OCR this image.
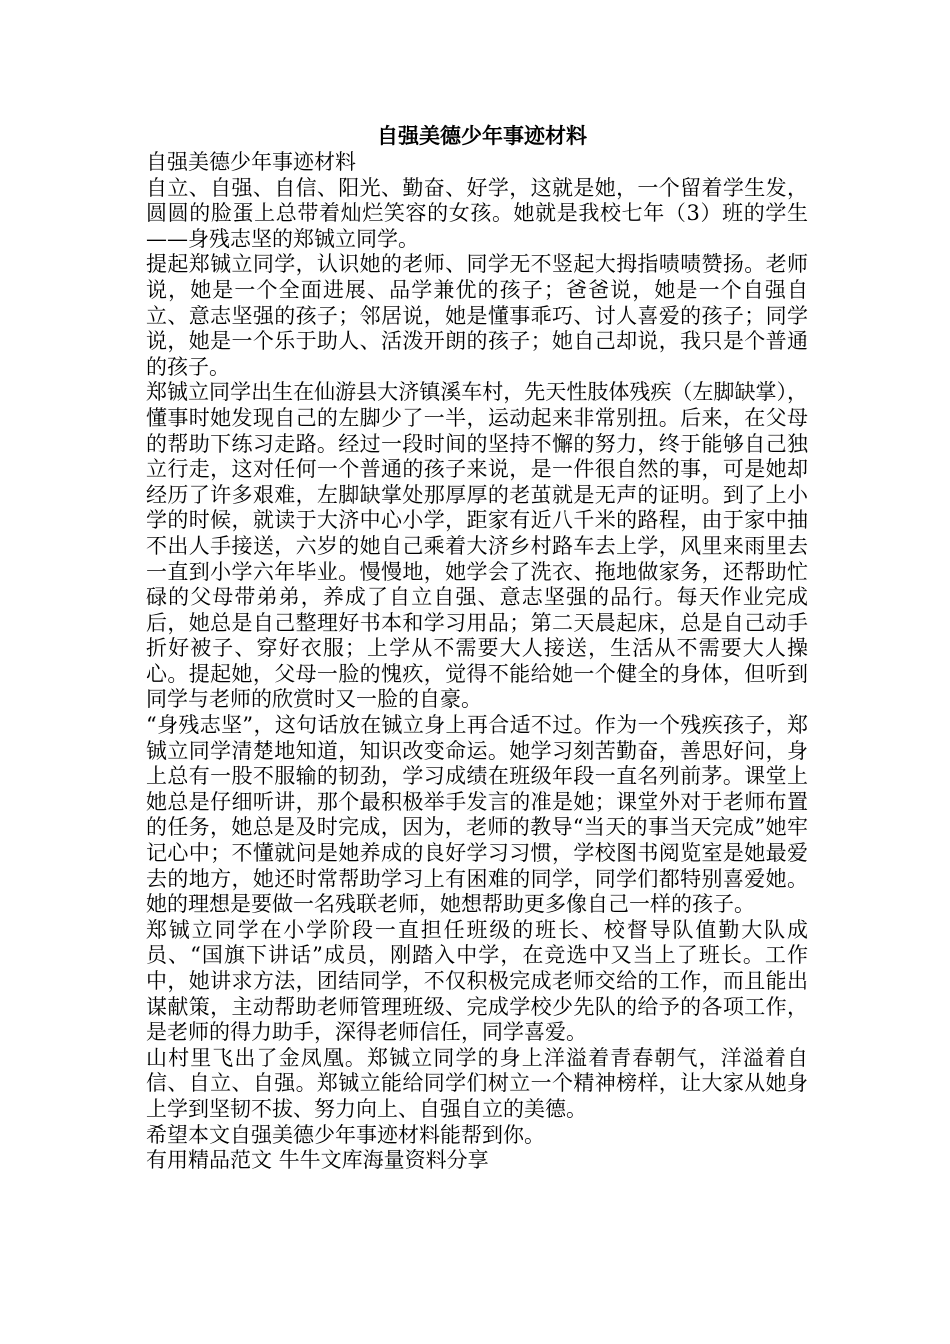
自强美德少年事迹材料

自强美德少年事迹材料

自立、自强、自信、阳光、勤奋、好学，这就是她，一个留着学生发，圆圆的脸蛋上总带着灿烂笑容的女孩。她就是我校七年（3）班的学生——身残志坚的郑铖立同学。

提起郑铖立同学，认识她的老师、同学无不竖起大拇指啧啧赞扬。老师说，她是一个全面进展、品学兼优的孩子；爸爸说，她是一个自强自立、意志坚强的孩子；邻居说，她是懂事乖巧、讨人喜爱的孩子；同学说，她是一个乐于助人、活泼开朗的孩子；她自己却说，我只是个普通的孩子。

郑铖立同学出生在仙游县大济镇溪车村，先天性肢体残疾（左脚缺掌），懂事时她发现自己的左脚少了一半，运动起来非常别扭。后来，在父母的帮助下练习走路。经过一段时间的坚持不懈的努力，终于能够自己独立行走，这对任何一个普通的孩子来说，是一件很自然的事，可是她却经历了许多艰难，左脚缺掌处那厚厚的老茧就是无声的证明。到了上小学的时候，就读于大济中心小学，距家有近八千米的路程，由于家中抽不出人手接送，六岁的她自己乘着大济乡村路车去上学，风里来雨里去一直到小学六年毕业。慢慢地，她学会了洗衣、拖地做家务，还帮助忙碌的父母带弟弟，养成了自立自强、意志坚强的品行。每天作业完成后，她总是自己整理好书本和学习用品；第二天晨起床，总是自己动手折好被子、穿好衣服；上学从不需要大人接送，生活从不需要大人操心。提起她，父母一脸的愧疚，觉得不能给她一个健全的身体，但听到同学与老师的欣赏时又一脸的自豪。

“身残志坚”，这句话放在铖立身上再合适不过。作为一个残疾孩子，郑铖立同学清楚地知道，知识改变命运。她学习刻苦勤奋，善思好问，身上总有一股不服输的韧劲，学习成绩在班级年段一直名列前茅。课堂上她总是仔细听讲，那个最积极举手发言的准是她；课堂外对于老师布置的任务，她总是及时完成，因为，老师的教导“当天的事当天完成”她牢记心中；不懂就问是她养成的良好学习习惯，学校图书阅览室是她最爱去的地方，她还时常帮助学习上有困难的同学，同学们都特别喜爱她。她的理想是要做一名残联老师，她想帮助更多像自己一样的孩子。

郑铖立同学在小学阶段一直担任班级的班长、校督导队值勤大队成员、“国旗下讲话”成员，刚踏入中学，在竞选中又当上了班长。工作中，她讲求方法，团结同学，不仅积极完成老师交给的工作，而且能出谋献策，主动帮助老师管理班级、完成学校少先队的给予的各项工作，是老师的得力助手，深得老师信任，同学喜爱。

山村里飞出了金凤凰。郑铖立同学的身上洋溢着青春朝气，洋溢着自信、自立、自强。郑铖立能给同学们树立一个精神榜样，让大家从她身上学到坚韧不拔、努力向上、自强自立的美德。

希望本文自强美德少年事迹材料能帮到你。

有用精品范文 牛牛文库海量资料分享
